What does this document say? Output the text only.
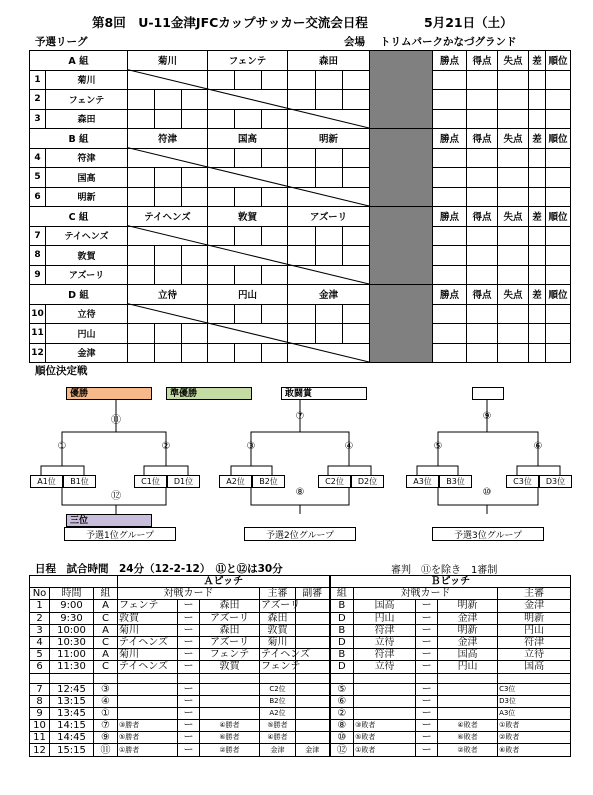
第8回　U-11金津JFCカップサッカー交流会日程	5月21日（土）
予選リーグ	会場 トリムパークかなづグランド
A 組	菊川	フェンテ	森田	勝点	得点	失点	差 順位
1	菊川
2	フェンテ
3	森田
B 組	符津	国高	明新	勝点	得点	失点	差 順位
4	符津
5	国高
6	明新
C 組	テイヘンズ	敦賀	アズーリ	勝点	得点	失点	差 順位
7	テイヘンズ
8	敦賀
9	アズーリ
D 組	立待	円山	金津	勝点	得点	失点	差 順位
10	立待
11	円山
12	金津
順位決定戦
優勝	準優勝	敢闘賞
三位
⑪
①	②
⑫
⑦
③	④
⑧
⑨
⑤	⑥
⑩
A1位	B1位	C1位	D1位	A2位	B2位	C2位	D2位	A3位	B3位	C3位	D3位
予選1位グループ	予選2位グループ	予選3位グループ
日程　試合時間　24分（12-2-12）　⑪と⑫は30分	審判　⑪を除き　1審制
			Ａピッチ					Ｂピッチ				
No	時間	組	対戦カード			主審	副審	組	対戦カード			主審
1	9:00	A	フェンテ	ー	森田	アズーリ		B	国高	ー	明新	金津
2	9:30	C	敦賀	ー	アズーリ	森田		D	円山	ー	金津	明新
3	10:00	A	菊川	ー	森田	敦賀		B	符津	ー	明新	円山
4	10:30	C	テイヘンズ	ー	アズーリ	菊川		D	立待	ー	金津	符津
5	11:00	A	菊川	ー	フェンテ	テイヘンズ		B	符津	ー	国高	立待
6	11:30	C	テイヘンズ	ー	敦賀	フェンテ		D	立待	ー	円山	国高

7	12:45	③		ー		C2位		⑤		ー		C3位
8	13:15	④		ー		B2位		⑥		ー		D3位
9	13:45	①		ー		A2位		②		ー		A3位
10	14:15	⑦	③勝者	ー	④勝者	⑤勝者		⑧	③敗者	ー	④敗者	①敗者
11	14:45	⑨	⑤勝者	ー	⑥勝者	④勝者		⑩	⑤敗者	ー	⑥敗者	②敗者
12	15:15	⑪	①勝者	ー	②勝者	金津	金津	⑫	①敗者	ー	②敗者	⑥敗者
